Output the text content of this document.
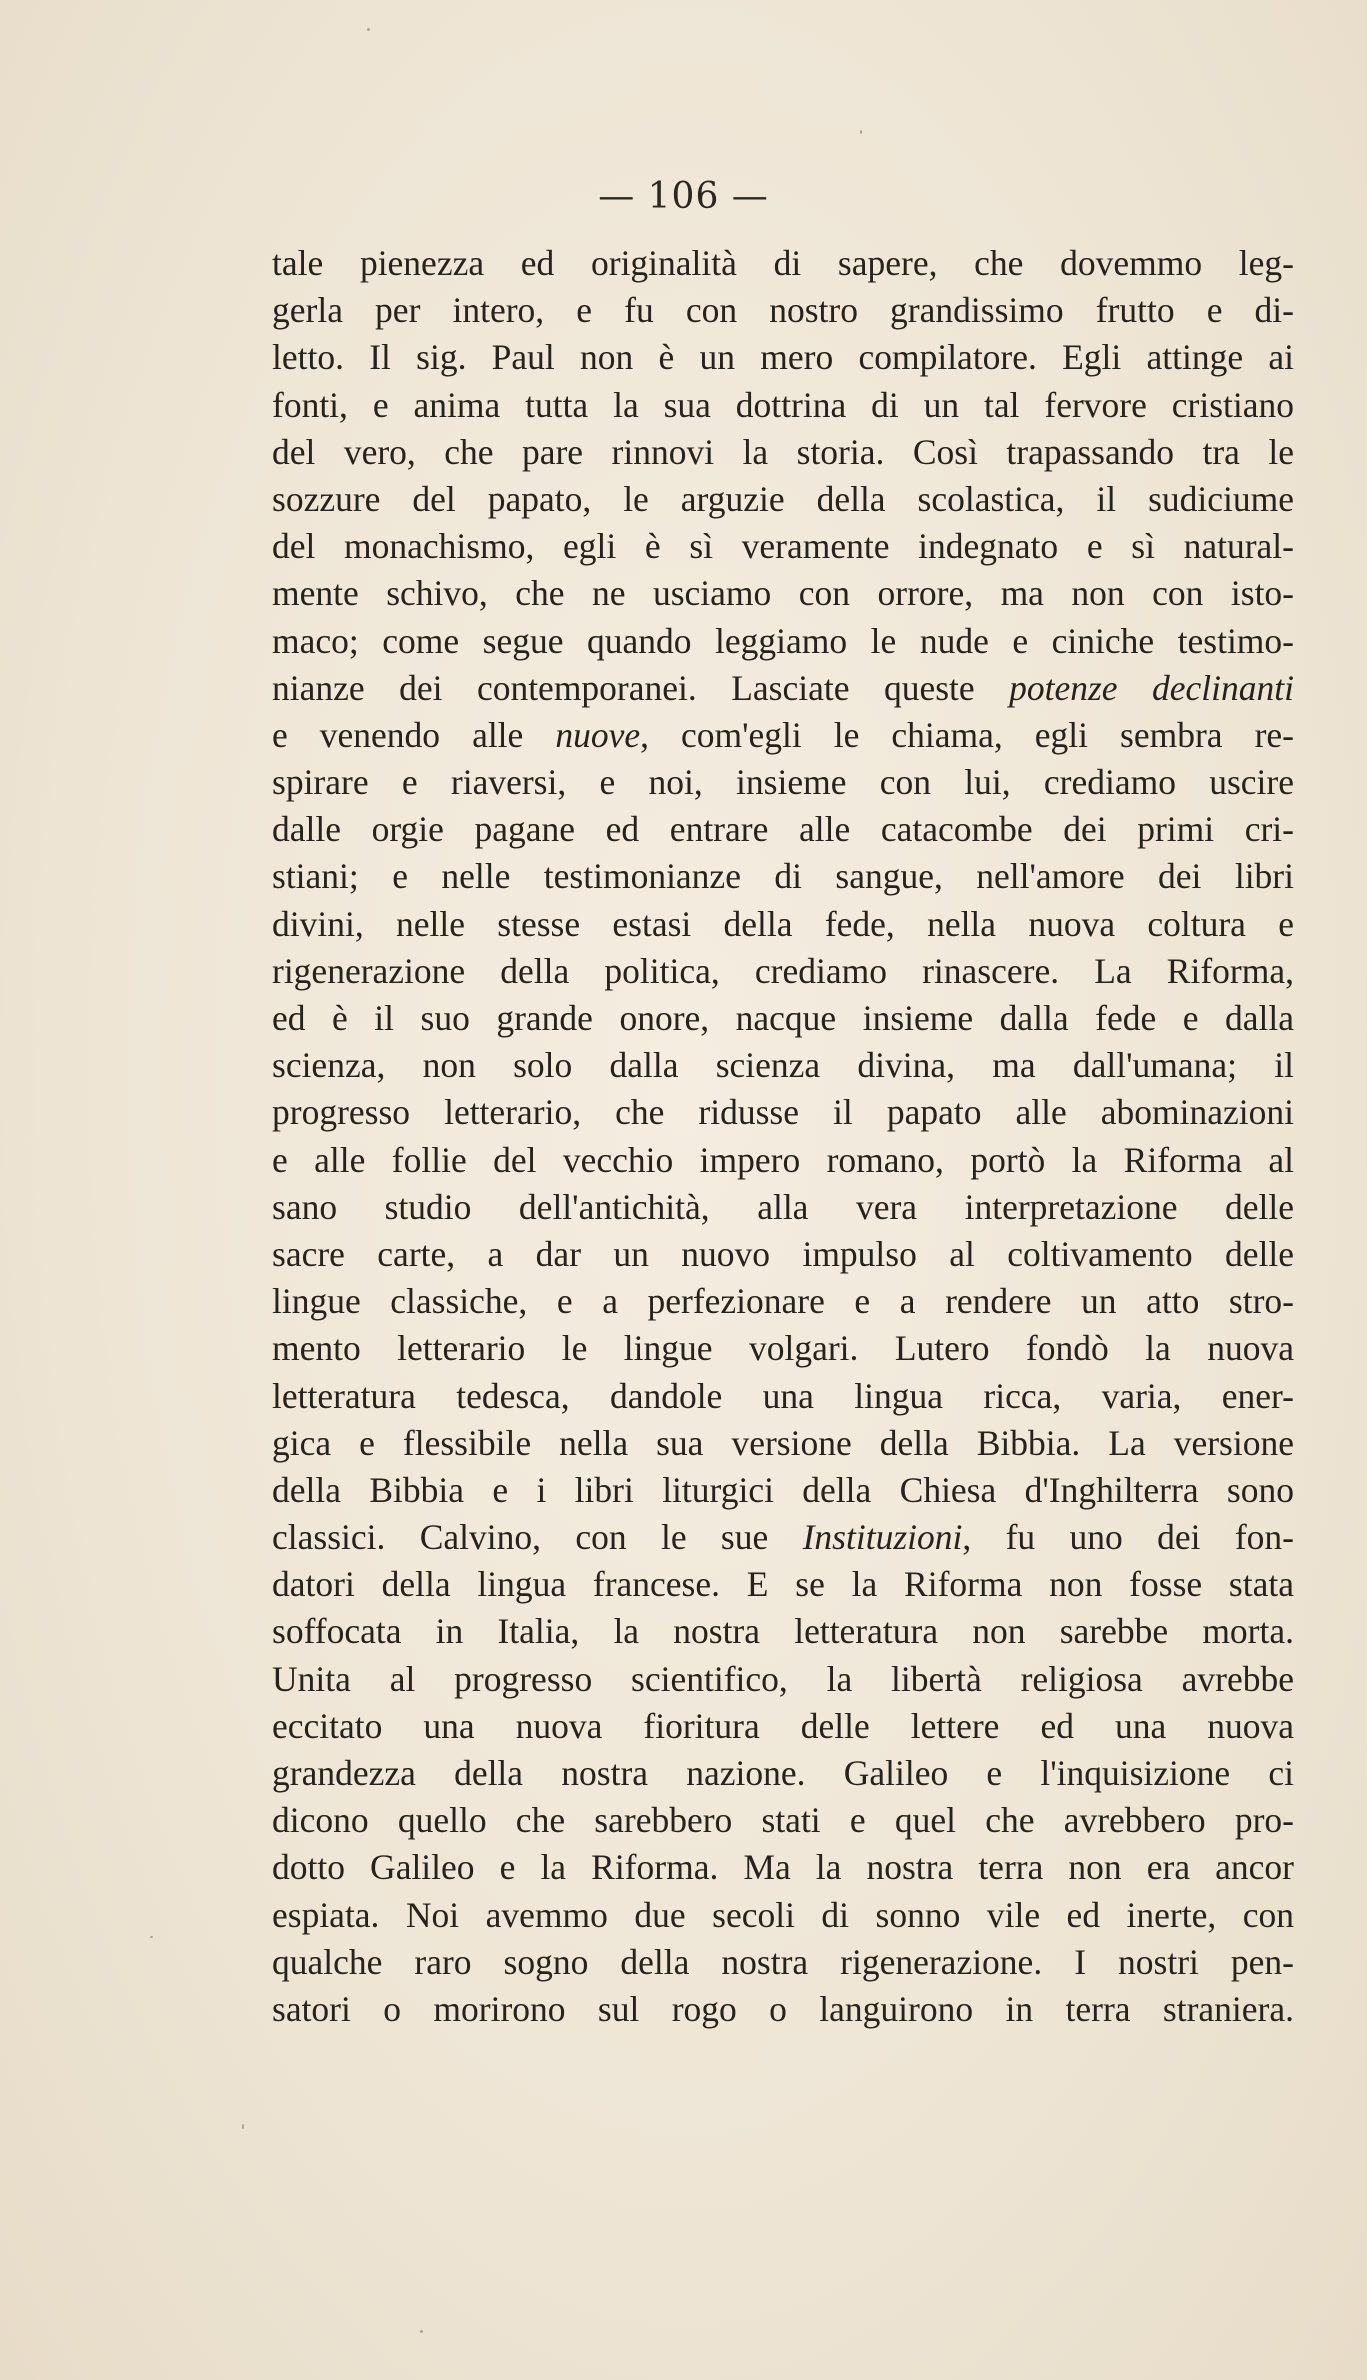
— 106 —
tale pienezza ed originalità di sapere, che dovemmo leg-
gerla per intero, e fu con nostro grandissimo frutto e di-
letto. Il sig. Paul non è un mero compilatore. Egli attinge ai
fonti, e anima tutta la sua dottrina di un tal fervore cristiano
del vero, che pare rinnovi la storia. Così trapassando tra le
sozzure del papato, le arguzie della scolastica, il sudiciume
del monachismo, egli è sì veramente indegnato e sì natural-
mente schivo, che ne usciamo con orrore, ma non con isto-
maco; come segue quando leggiamo le nude e ciniche testimo-
nianze dei contemporanei. Lasciate queste potenze declinanti
e venendo alle nuove, com'egli le chiama, egli sembra re-
spirare e riaversi, e noi, insieme con lui, crediamo uscire
dalle orgie pagane ed entrare alle catacombe dei primi cri-
stiani; e nelle testimonianze di sangue, nell'amore dei libri
divini, nelle stesse estasi della fede, nella nuova coltura e
rigenerazione della politica, crediamo rinascere. La Riforma,
ed è il suo grande onore, nacque insieme dalla fede e dalla
scienza, non solo dalla scienza divina, ma dall'umana; il
progresso letterario, che ridusse il papato alle abominazioni
e alle follie del vecchio impero romano, portò la Riforma al
sano studio dell'antichità, alla vera interpretazione delle
sacre carte, a dar un nuovo impulso al coltivamento delle
lingue classiche, e a perfezionare e a rendere un atto stro-
mento letterario le lingue volgari. Lutero fondò la nuova
letteratura tedesca, dandole una lingua ricca, varia, ener-
gica e flessibile nella sua versione della Bibbia. La versione
della Bibbia e i libri liturgici della Chiesa d'Inghilterra sono
classici. Calvino, con le sue Instituzioni, fu uno dei fon-
datori della lingua francese. E se la Riforma non fosse stata
soffocata in Italia, la nostra letteratura non sarebbe morta.
Unita al progresso scientifico, la libertà religiosa avrebbe
eccitato una nuova fioritura delle lettere ed una nuova
grandezza della nostra nazione. Galileo e l'inquisizione ci
dicono quello che sarebbero stati e quel che avrebbero pro-
dotto Galileo e la Riforma. Ma la nostra terra non era ancor
espiata. Noi avemmo due secoli di sonno vile ed inerte, con
qualche raro sogno della nostra rigenerazione. I nostri pen-
satori o morirono sul rogo o languirono in terra straniera.
